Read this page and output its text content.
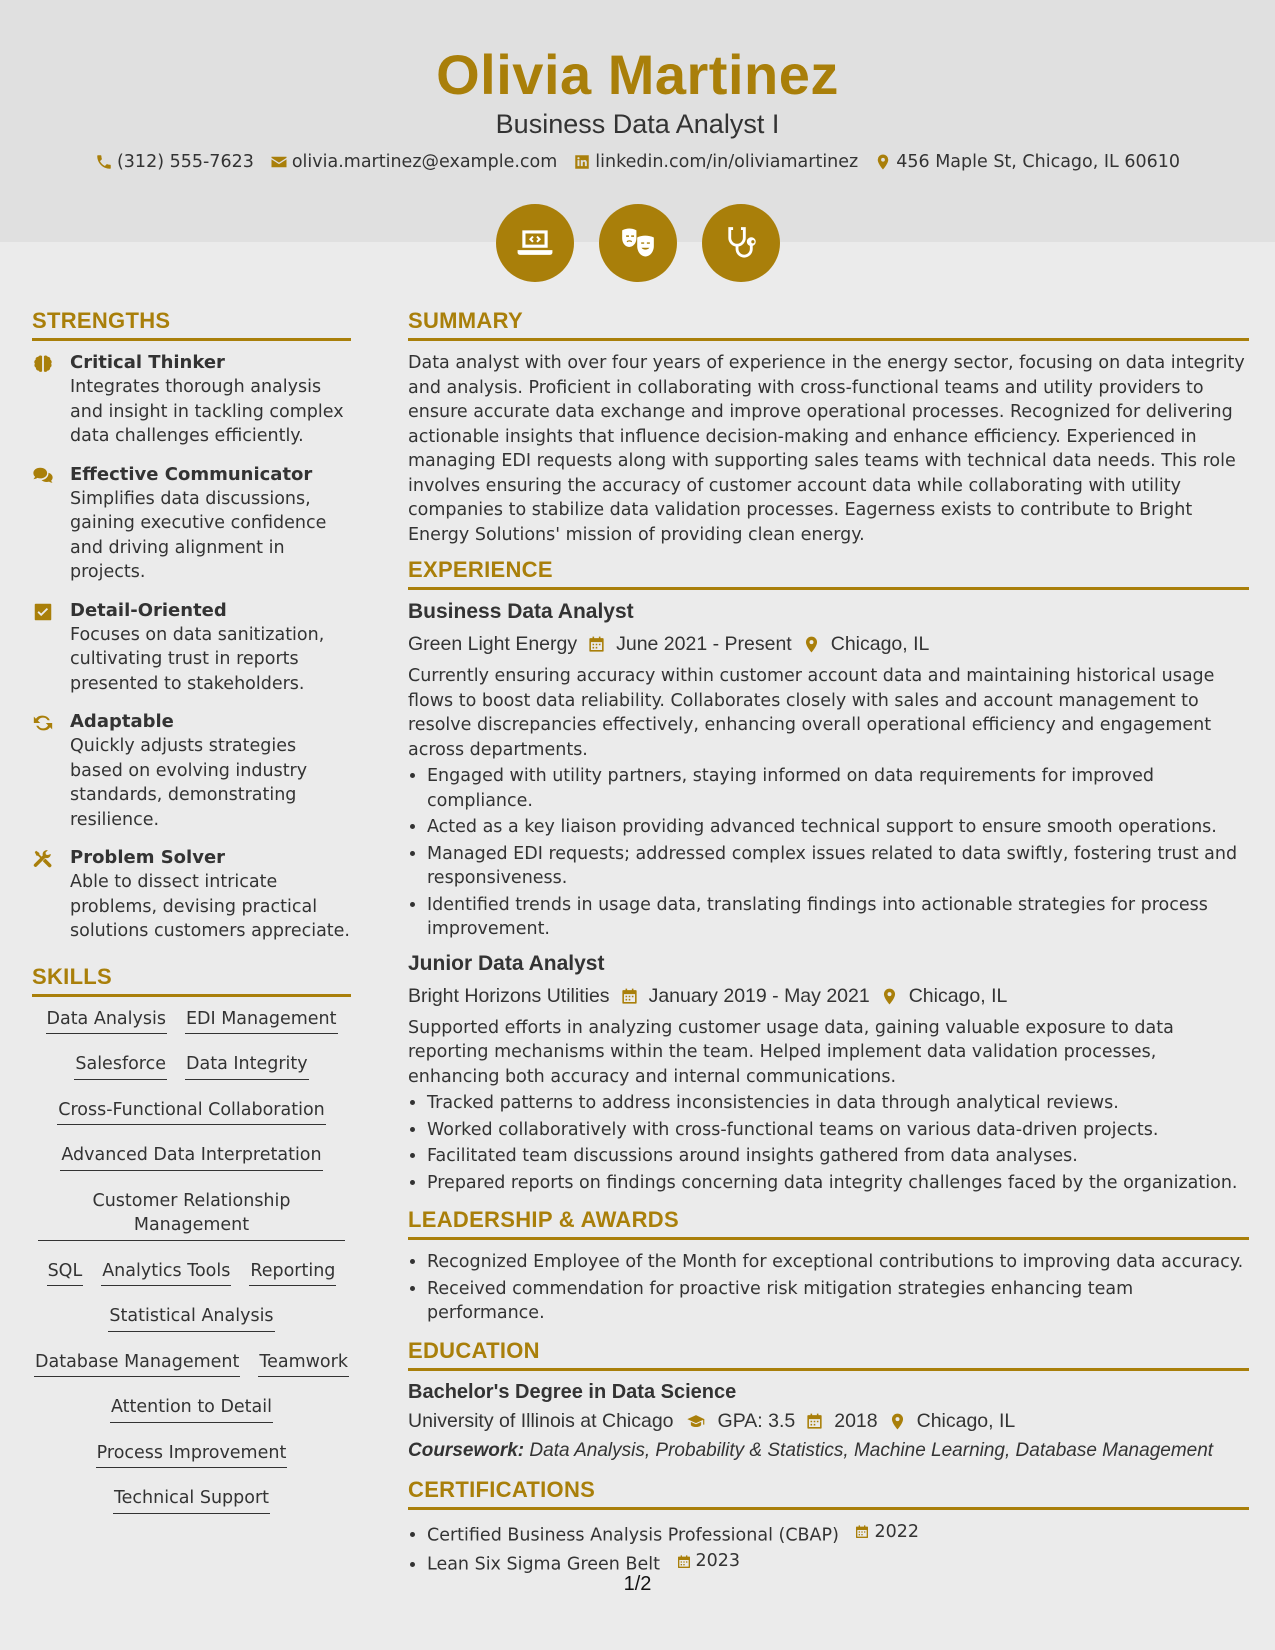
Olivia Martinez
Business Data Analyst I
(312) 555-7623 olivia.martinez@example.com linkedin.com/in/oliviamartinez 456 Maple St, Chicago, IL 60610
STRENGTHS
Critical Thinker
Integrates thorough analysis and insight in tackling complex data challenges efficiently.
Effective Communicator
Simplifies data discussions, gaining executive confidence and driving alignment in projects.
Detail-Oriented
Focuses on data sanitization, cultivating trust in reports presented to stakeholders.
Adaptable
Quickly adjusts strategies based on evolving industry standards, demonstrating resilience.
Problem Solver
Able to dissect intricate problems, devising practical solutions customers appreciate.
SKILLS
Data Analysis EDI Management
Salesforce Data Integrity
Cross-Functional Collaboration
Advanced Data Interpretation
Customer Relationship Management
SQL Analytics Tools Reporting
Statistical Analysis
Database Management Teamwork
Attention to Detail
Process Improvement
Technical Support
SUMMARY

Data analyst with over four years of experience in the energy sector, focusing on data integrity and analysis. Proficient in collaborating with cross-functional teams and utility providers to ensure accurate data exchange and improve operational processes. Recognized for delivering actionable insights that influence decision-making and enhance efficiency. Experienced in managing EDI requests along with supporting sales teams with technical data needs. This role involves ensuring the accuracy of customer account data while collaborating with utility companies to stabilize data validation processes. Eagerness exists to contribute to Bright Energy Solutions' mission of providing clean energy.

EXPERIENCE
Business Data Analyst
Green Light Energy June 2021 - Present Chicago, IL

Currently ensuring accuracy within customer account data and maintaining historical usage flows to boost data reliability. Collaborates closely with sales and account management to resolve discrepancies effectively, enhancing overall operational efficiency and engagement across departments.

• Engaged with utility partners, staying informed on data requirements for improved compliance.
• Acted as a key liaison providing advanced technical support to ensure smooth operations.
• Managed EDI requests; addressed complex issues related to data swiftly, fostering trust and responsiveness.
• Identified trends in usage data, translating findings into actionable strategies for process improvement.
Junior Data Analyst
Bright Horizons Utilities January 2019 - May 2021 Chicago, IL

Supported efforts in analyzing customer usage data, gaining valuable exposure to data reporting mechanisms within the team. Helped implement data validation processes, enhancing both accuracy and internal communications.

• Tracked patterns to address inconsistencies in data through analytical reviews.
• Worked collaboratively with cross-functional teams on various data-driven projects.
• Facilitated team discussions around insights gathered from data analyses.
• Prepared reports on findings concerning data integrity challenges faced by the organization.
LEADERSHIP & AWARDS
• Recognized Employee of the Month for exceptional contributions to improving data accuracy.
• Received commendation for proactive risk mitigation strategies enhancing team performance.
EDUCATION
Bachelor's Degree in Data Science
University of Illinois at Chicago GPA: 3.5 2018 Chicago, IL
Coursework: Data Analysis, Probability & Statistics, Machine Learning, Database Management
CERTIFICATIONS
• Certified Business Analysis Professional (CBAP) 2022
• Lean Six Sigma Green Belt 2023
1/2
